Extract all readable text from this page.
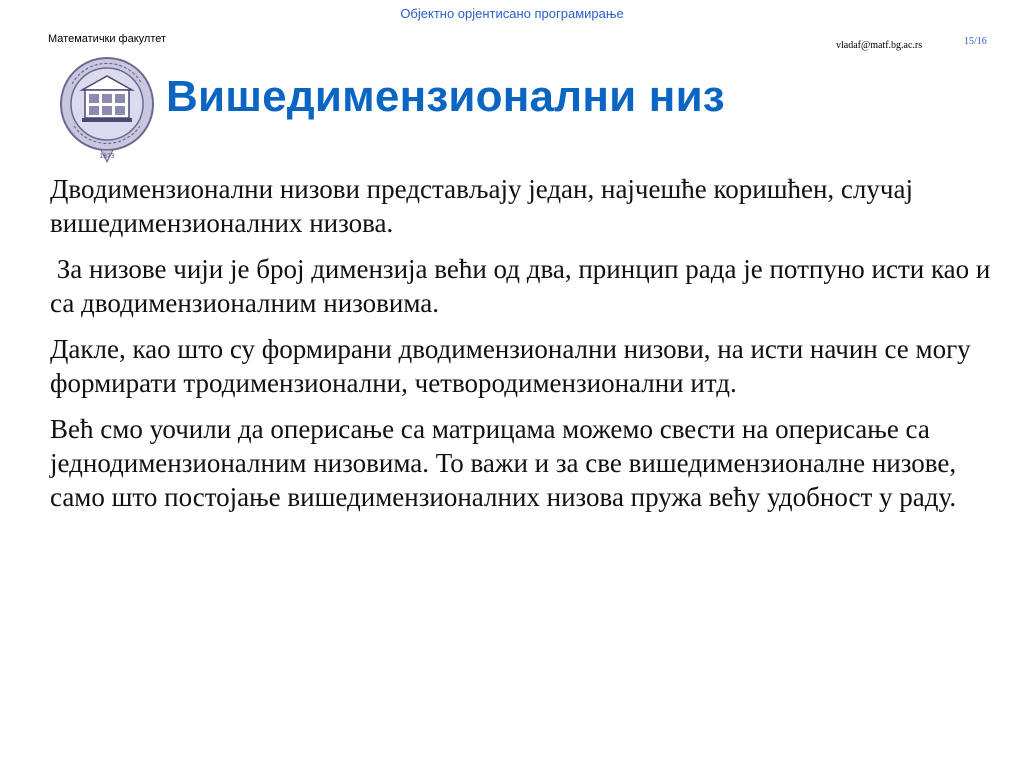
Објектно орјентисано програмирање
Математички факултет
vladaf@matf.bg.ac.rs	15/16
1873
Вишедимензионални низ

Дводимензионални низови представљају један, најчешће коришћен, случај вишедимензионалних низова.

За низове чији је број димензија већи од два, принцип рада је потпуно исти као и са дводимензионалним низовима.

Дакле, као што су формирани дводимензионални низови, на исти начин се могу формирати тродимензионални, четвородимензионални итд.

Већ смо уочили да оперисање са матрицама можемо свести на оперисање са једнодимензионалним низовима. То важи и за све вишедимензионалне низове, само што постојање вишедимензионалних низова пружа већу удобност у раду.
